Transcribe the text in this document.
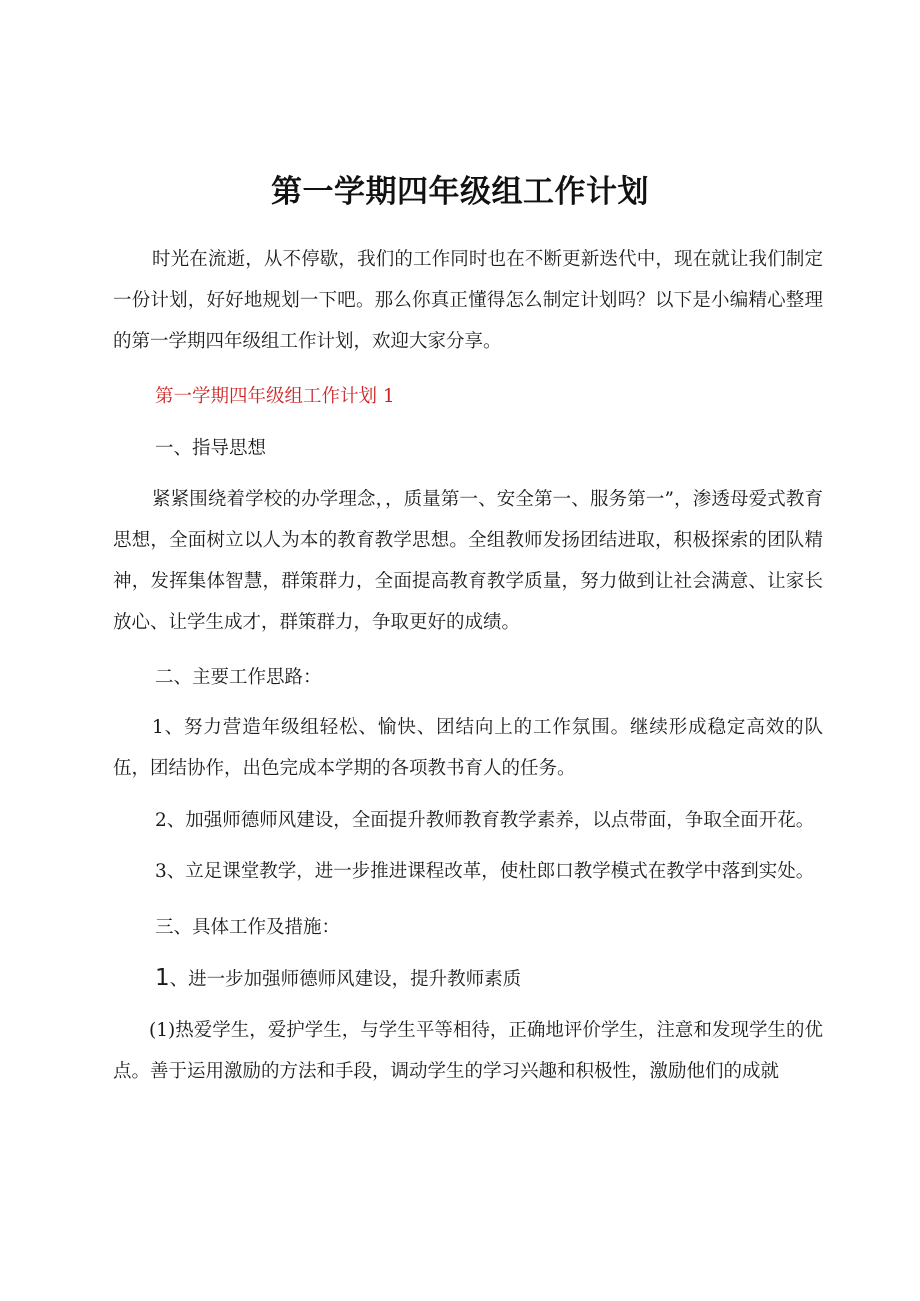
第一学期四年级组工作计划

时光在流逝，从不停歇，我们的工作同时也在不断更新迭代中，现在就让我们制定一份计划，好好地规划一下吧。那么你真正懂得怎么制定计划吗？以下是小编精心整理的第一学期四年级组工作计划，欢迎大家分享。

第一学期四年级组工作计划 1

一、指导思想

紧紧围绕着学校的办学理念，，质量第一、安全第一、服务第一”，渗透母爱式教育思想，全面树立以人为本的教育教学思想。全组教师发扬团结进取，积极探索的团队精神，发挥集体智慧，群策群力，全面提高教育教学质量，努力做到让社会满意、让家长放心、让学生成才，群策群力，争取更好的成绩。

二、主要工作思路：

1、努力营造年级组轻松、愉快、团结向上的工作氛围。继续形成稳定高效的队伍，团结协作，出色完成本学期的各项教书育人的任务。

2、加强师德师风建设，全面提升教师教育教学素养，以点带面，争取全面开花。

3、立足课堂教学，进一步推进课程改革，使杜郎口教学模式在教学中落到实处。

三、具体工作及措施：

1、进一步加强师德师风建设，提升教师素质

(1)热爱学生，爱护学生，与学生平等相待，正确地评价学生，注意和发现学生的优点。善于运用激励的方法和手段，调动学生的学习兴趣和积极性，激励他们的成就
